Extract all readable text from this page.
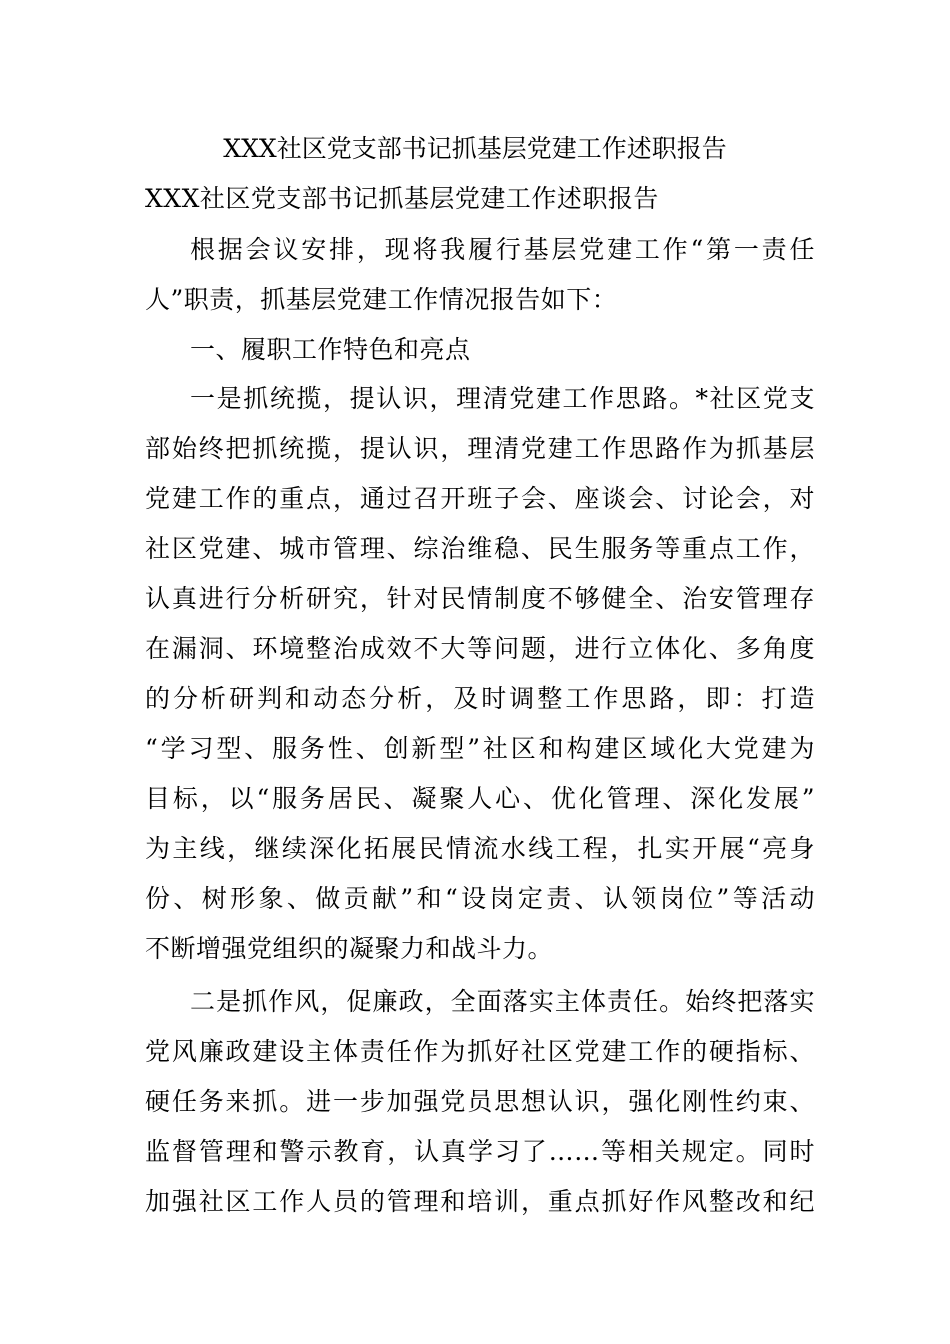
XXX社区党支部书记抓基层党建工作述职报告
XXX社区党支部书记抓基层党建工作述职报告
根据会议安排，现将我履行基层党建工作“第一责任
人”职责，抓基层党建工作情况报告如下：
一、履职工作特色和亮点
一是抓统揽，提认识，理清党建工作思路。*社区党支
部始终把抓统揽，提认识，理清党建工作思路作为抓基层
党建工作的重点，通过召开班子会、座谈会、讨论会，对
社区党建、城市管理、综治维稳、民生服务等重点工作，
认真进行分析研究，针对民情制度不够健全、治安管理存
在漏洞、环境整治成效不大等问题，进行立体化、多角度
的分析研判和动态分析，及时调整工作思路，即：打造
“学习型、服务性、创新型”社区和构建区域化大党建为
目标，以“服务居民、凝聚人心、优化管理、深化发展”
为主线，继续深化拓展民情流水线工程，扎实开展“亮身
份、树形象、做贡献”和“设岗定责、认领岗位”等活动
不断增强党组织的凝聚力和战斗力。
二是抓作风，促廉政，全面落实主体责任。始终把落实
党风廉政建设主体责任作为抓好社区党建工作的硬指标、
硬任务来抓。进一步加强党员思想认识，强化刚性约束、
监督管理和警示教育，认真学习了……等相关规定。同时
加强社区工作人员的管理和培训，重点抓好作风整改和纪
